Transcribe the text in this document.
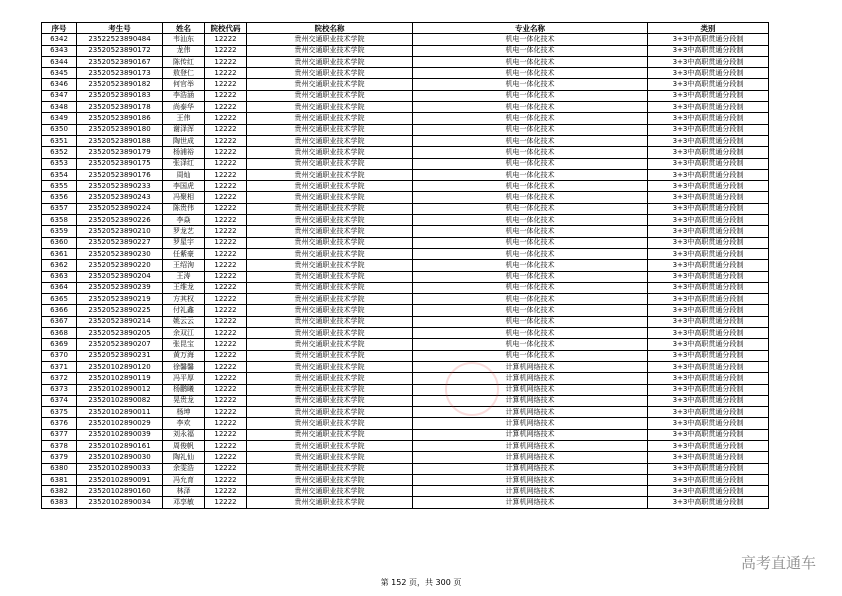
序号	考生号	姓名	院校代码	院校名称	专业名称	类别
6342	23522523890484	韦汕东	12222	贵州交通职业技术学院	机电一体化技术	3+3中高职贯通分段制
6343	23520523890172	龙伟	12222	贵州交通职业技术学院	机电一体化技术	3+3中高职贯通分段制
6344	23520523890167	陈传红	12222	贵州交通职业技术学院	机电一体化技术	3+3中高职贯通分段制
6345	23520523890173	敖登仁	12222	贵州交通职业技术学院	机电一体化技术	3+3中高职贯通分段制
6346	23520523890182	何官举	12222	贵州交通职业技术学院	机电一体化技术	3+3中高职贯通分段制
6347	23520523890183	李浩涵	12222	贵州交通职业技术学院	机电一体化技术	3+3中高职贯通分段制
6348	23520523890178	尚泰华	12222	贵州交通职业技术学院	机电一体化技术	3+3中高职贯通分段制
6349	23520523890186	王伟	12222	贵州交通职业技术学院	机电一体化技术	3+3中高职贯通分段制
6350	23520523890180	谢泽浑	12222	贵州交通职业技术学院	机电一体化技术	3+3中高职贯通分段制
6351	23520523890188	陶世成	12222	贵州交通职业技术学院	机电一体化技术	3+3中高职贯通分段制
6352	23520523890179	杨浦裕	12222	贵州交通职业技术学院	机电一体化技术	3+3中高职贯通分段制
6353	23520523890175	张泽红	12222	贵州交通职业技术学院	机电一体化技术	3+3中高职贯通分段制
6354	23520523890176	周灿	12222	贵州交通职业技术学院	机电一体化技术	3+3中高职贯通分段制
6355	23520523890233	李国虎	12222	贵州交通职业技术学院	机电一体化技术	3+3中高职贯通分段制
6356	23520523890243	冯聚相	12222	贵州交通职业技术学院	机电一体化技术	3+3中高职贯通分段制
6357	23520523890224	陈贵伟	12222	贵州交通职业技术学院	机电一体化技术	3+3中高职贯通分段制
6358	23520523890226	李焱	12222	贵州交通职业技术学院	机电一体化技术	3+3中高职贯通分段制
6359	23520523890210	罗龙艺	12222	贵州交通职业技术学院	机电一体化技术	3+3中高职贯通分段制
6360	23520523890227	罗星宇	12222	贵州交通职业技术学院	机电一体化技术	3+3中高职贯通分段制
6361	23520523890230	任紫豪	12222	贵州交通职业技术学院	机电一体化技术	3+3中高职贯通分段制
6362	23520523890220	王绍洵	12222	贵州交通职业技术学院	机电一体化技术	3+3中高职贯通分段制
6363	23520523890204	王涛	12222	贵州交通职业技术学院	机电一体化技术	3+3中高职贯通分段制
6364	23520523890239	王维龙	12222	贵州交通职业技术学院	机电一体化技术	3+3中高职贯通分段制
6365	23520523890219	方其权	12222	贵州交通职业技术学院	机电一体化技术	3+3中高职贯通分段制
6366	23520523890225	付礼鑫	12222	贵州交通职业技术学院	机电一体化技术	3+3中高职贯通分段制
6367	23520523890214	姚云云	12222	贵州交通职业技术学院	机电一体化技术	3+3中高职贯通分段制
6368	23520523890205	余双江	12222	贵州交通职业技术学院	机电一体化技术	3+3中高职贯通分段制
6369	23520523890207	张昆宝	12222	贵州交通职业技术学院	机电一体化技术	3+3中高职贯通分段制
6370	23520523890231	黄万海	12222	贵州交通职业技术学院	机电一体化技术	3+3中高职贯通分段制
6371	23520102890120	徐馨馨	12222	贵州交通职业技术学院	计算机网络技术	3+3中高职贯通分段制
6372	23520102890119	冯平厚	12222	贵州交通职业技术学院	计算机网络技术	3+3中高职贯通分段制
6373	23520102890012	杨鹏曦	12222	贵州交通职业技术学院	计算机网络技术	3+3中高职贯通分段制
6374	23520102890082	晃贵龙	12222	贵州交通职业技术学院	计算机网络技术	3+3中高职贯通分段制
6375	23520102890011	杨坤	12222	贵州交通职业技术学院	计算机网络技术	3+3中高职贯通分段制
6376	23520102890029	李欢	12222	贵州交通职业技术学院	计算机网络技术	3+3中高职贯通分段制
6377	23520102890039	刘永福	12222	贵州交通职业技术学院	计算机网络技术	3+3中高职贯通分段制
6378	23520102890161	周俊帆	12222	贵州交通职业技术学院	计算机网络技术	3+3中高职贯通分段制
6379	23520102890030	陶礼仙	12222	贵州交通职业技术学院	计算机网络技术	3+3中高职贯通分段制
6380	23520102890033	余雯浩	12222	贵州交通职业技术学院	计算机网络技术	3+3中高职贯通分段制
6381	23520102890091	冯允育	12222	贵州交通职业技术学院	计算机网络技术	3+3中高职贯通分段制
6382	23520102890160	林泽	12222	贵州交通职业技术学院	计算机网络技术	3+3中高职贯通分段制
6383	23520102890034	邓享敏	12222	贵州交通职业技术学院	计算机网络技术	3+3中高职贯通分段制
第 152 页，共 300 页
高考直通车
